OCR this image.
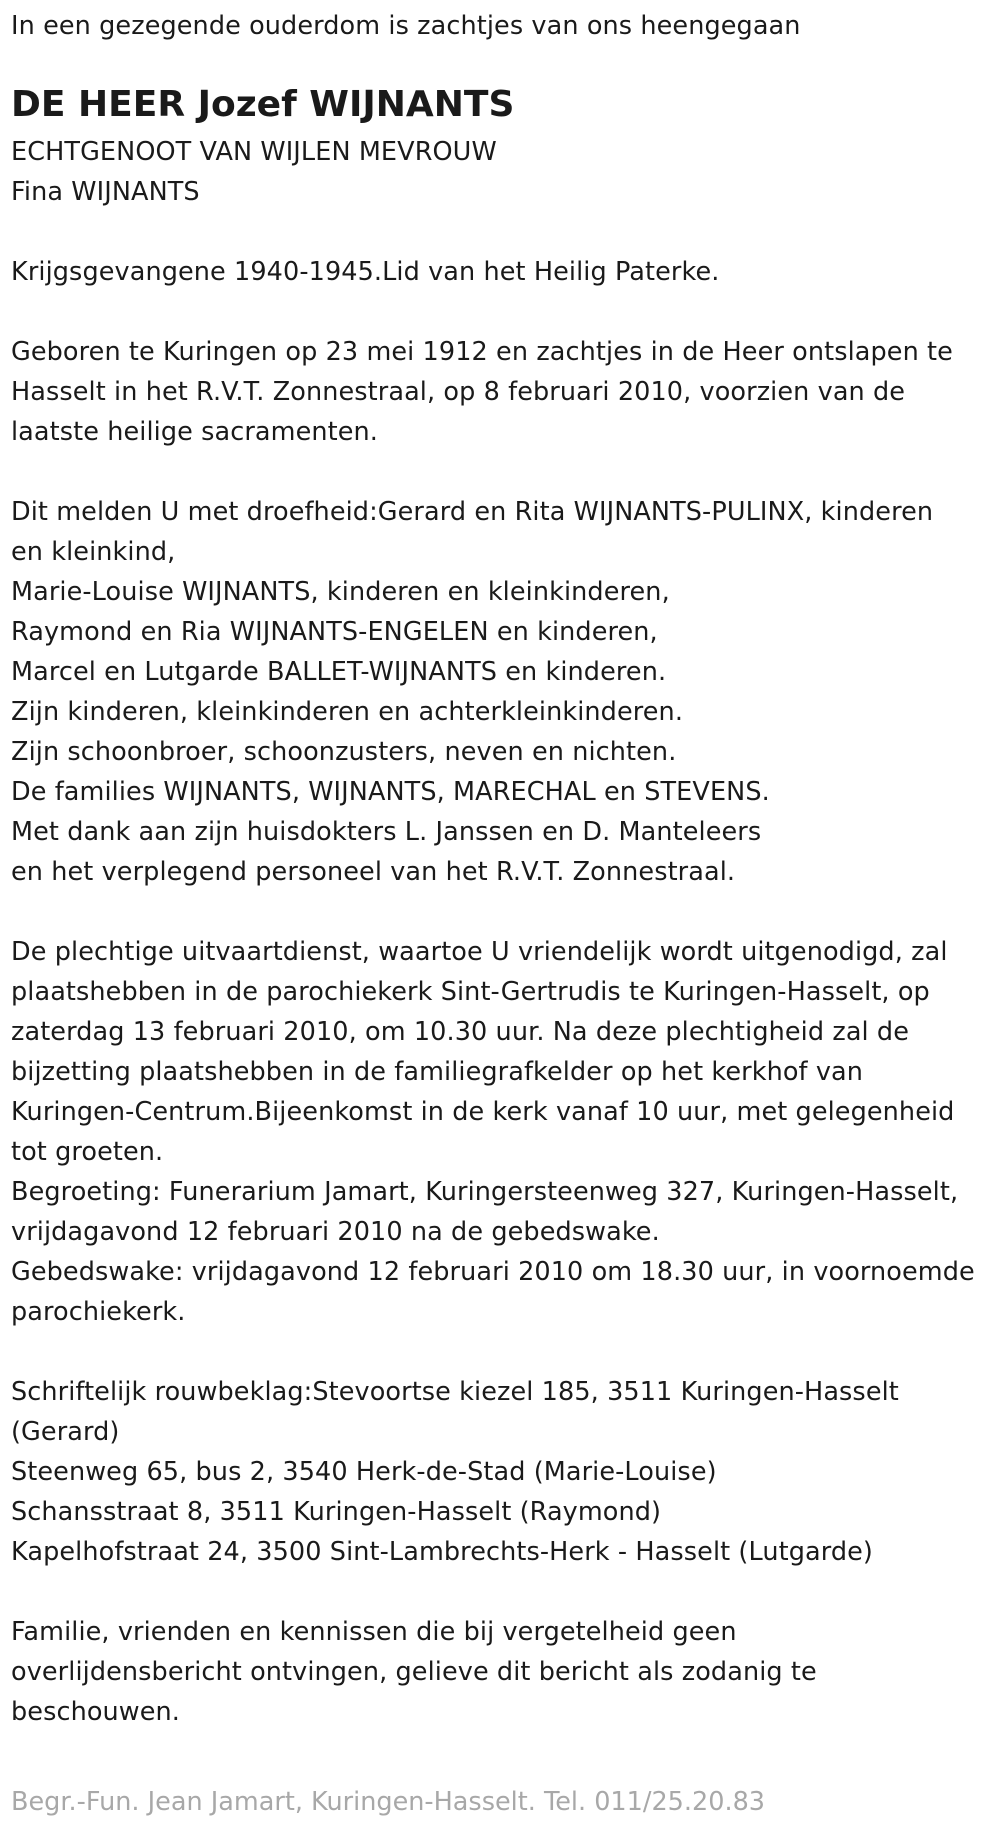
In een gezegende ouderdom is zachtjes van ons heengegaan
DE HEER Jozef WIJNANTS
ECHTGENOOT VAN WIJLEN MEVROUW
Fina WIJNANTS
Krijgsgevangene 1940-1945.Lid van het Heilig Paterke.
Geboren te Kuringen op 23 mei 1912 en zachtjes in de Heer ontslapen te
Hasselt in het R.V.T. Zonnestraal, op 8 februari 2010, voorzien van de
laatste heilige sacramenten.
Dit melden U met droefheid:Gerard en Rita WIJNANTS-PULINX, kinderen
en kleinkind,
Marie-Louise WIJNANTS, kinderen en kleinkinderen,
Raymond en Ria WIJNANTS-ENGELEN en kinderen,
Marcel en Lutgarde BALLET-WIJNANTS en kinderen.
Zijn kinderen, kleinkinderen en achterkleinkinderen.
Zijn schoonbroer, schoonzusters, neven en nichten.
De families WIJNANTS, WIJNANTS, MARECHAL en STEVENS.
Met dank aan zijn huisdokters L. Janssen en D. Manteleers
en het verplegend personeel van het R.V.T. Zonnestraal.
De plechtige uitvaartdienst, waartoe U vriendelijk wordt uitgenodigd, zal
plaatshebben in de parochiekerk Sint-Gertrudis te Kuringen-Hasselt, op
zaterdag 13 februari 2010, om 10.30 uur. Na deze plechtigheid zal de
bijzetting plaatshebben in de familiegrafkelder op het kerkhof van
Kuringen-Centrum.Bijeenkomst in de kerk vanaf 10 uur, met gelegenheid
tot groeten.
Begroeting: Funerarium Jamart, Kuringersteenweg 327, Kuringen-Hasselt,
vrijdagavond 12 februari 2010 na de gebedswake.
Gebedswake: vrijdagavond 12 februari 2010 om 18.30 uur, in voornoemde
parochiekerk.
Schriftelijk rouwbeklag:Stevoortse kiezel 185, 3511 Kuringen-Hasselt
(Gerard)
Steenweg 65, bus 2, 3540 Herk-de-Stad (Marie-Louise)
Schansstraat 8, 3511 Kuringen-Hasselt (Raymond)
Kapelhofstraat 24, 3500 Sint-Lambrechts-Herk - Hasselt (Lutgarde)
Familie, vrienden en kennissen die bij vergetelheid geen
overlijdensbericht ontvingen, gelieve dit bericht als zodanig te
beschouwen.
Begr.-Fun. Jean Jamart, Kuringen-Hasselt. Tel. 011/25.20.83
